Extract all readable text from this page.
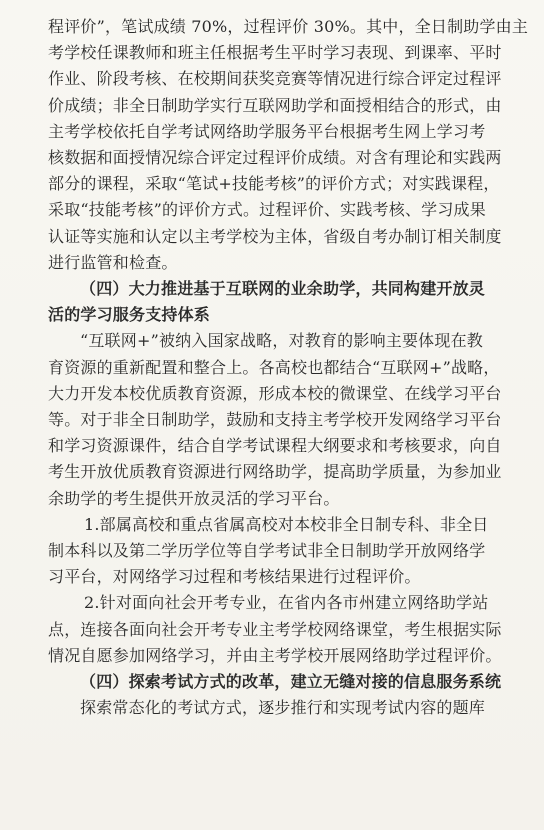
程评价”，笔试成绩 70%，过程评价 30%。其中，全日制助学由主
考学校任课教师和班主任根据考生平时学习表现、到课率、平时
作业、阶段考核、在校期间获奖竞赛等情况进行综合评定过程评
价成绩；非全日制助学实行互联网助学和面授相结合的形式，由
主考学校依托自学考试网络助学服务平台根据考生网上学习考
核数据和面授情况综合评定过程评价成绩。对含有理论和实践两
部分的课程，采取“笔试+技能考核”的评价方式；对实践课程，
采取“技能考核”的评价方式。过程评价、实践考核、学习成果
认证等实施和认定以主考学校为主体，省级自考办制订相关制度
进行监管和检查。
（四）大力推进基于互联网的业余助学，共同构建开放灵
活的学习服务支持体系
“互联网+”被纳入国家战略，对教育的影响主要体现在教
育资源的重新配置和整合上。各高校也都结合“互联网+”战略，
大力开发本校优质教育资源，形成本校的微课堂、在线学习平台
等。对于非全日制助学，鼓励和支持主考学校开发网络学习平台
和学习资源课件，结合自学考试课程大纲要求和考核要求，向自
考生开放优质教育资源进行网络助学，提高助学质量，为参加业
余助学的考生提供开放灵活的学习平台。
1.部属高校和重点省属高校对本校非全日制专科、非全日
制本科以及第二学历学位等自学考试非全日制助学开放网络学
习平台，对网络学习过程和考核结果进行过程评价。
2.针对面向社会开考专业，在省内各市州建立网络助学站
点，连接各面向社会开考专业主考学校网络课堂，考生根据实际
情况自愿参加网络学习，并由主考学校开展网络助学过程评价。
（四）探索考试方式的改革，建立无缝对接的信息服务系统
探索常态化的考试方式，逐步推行和实现考试内容的题库
